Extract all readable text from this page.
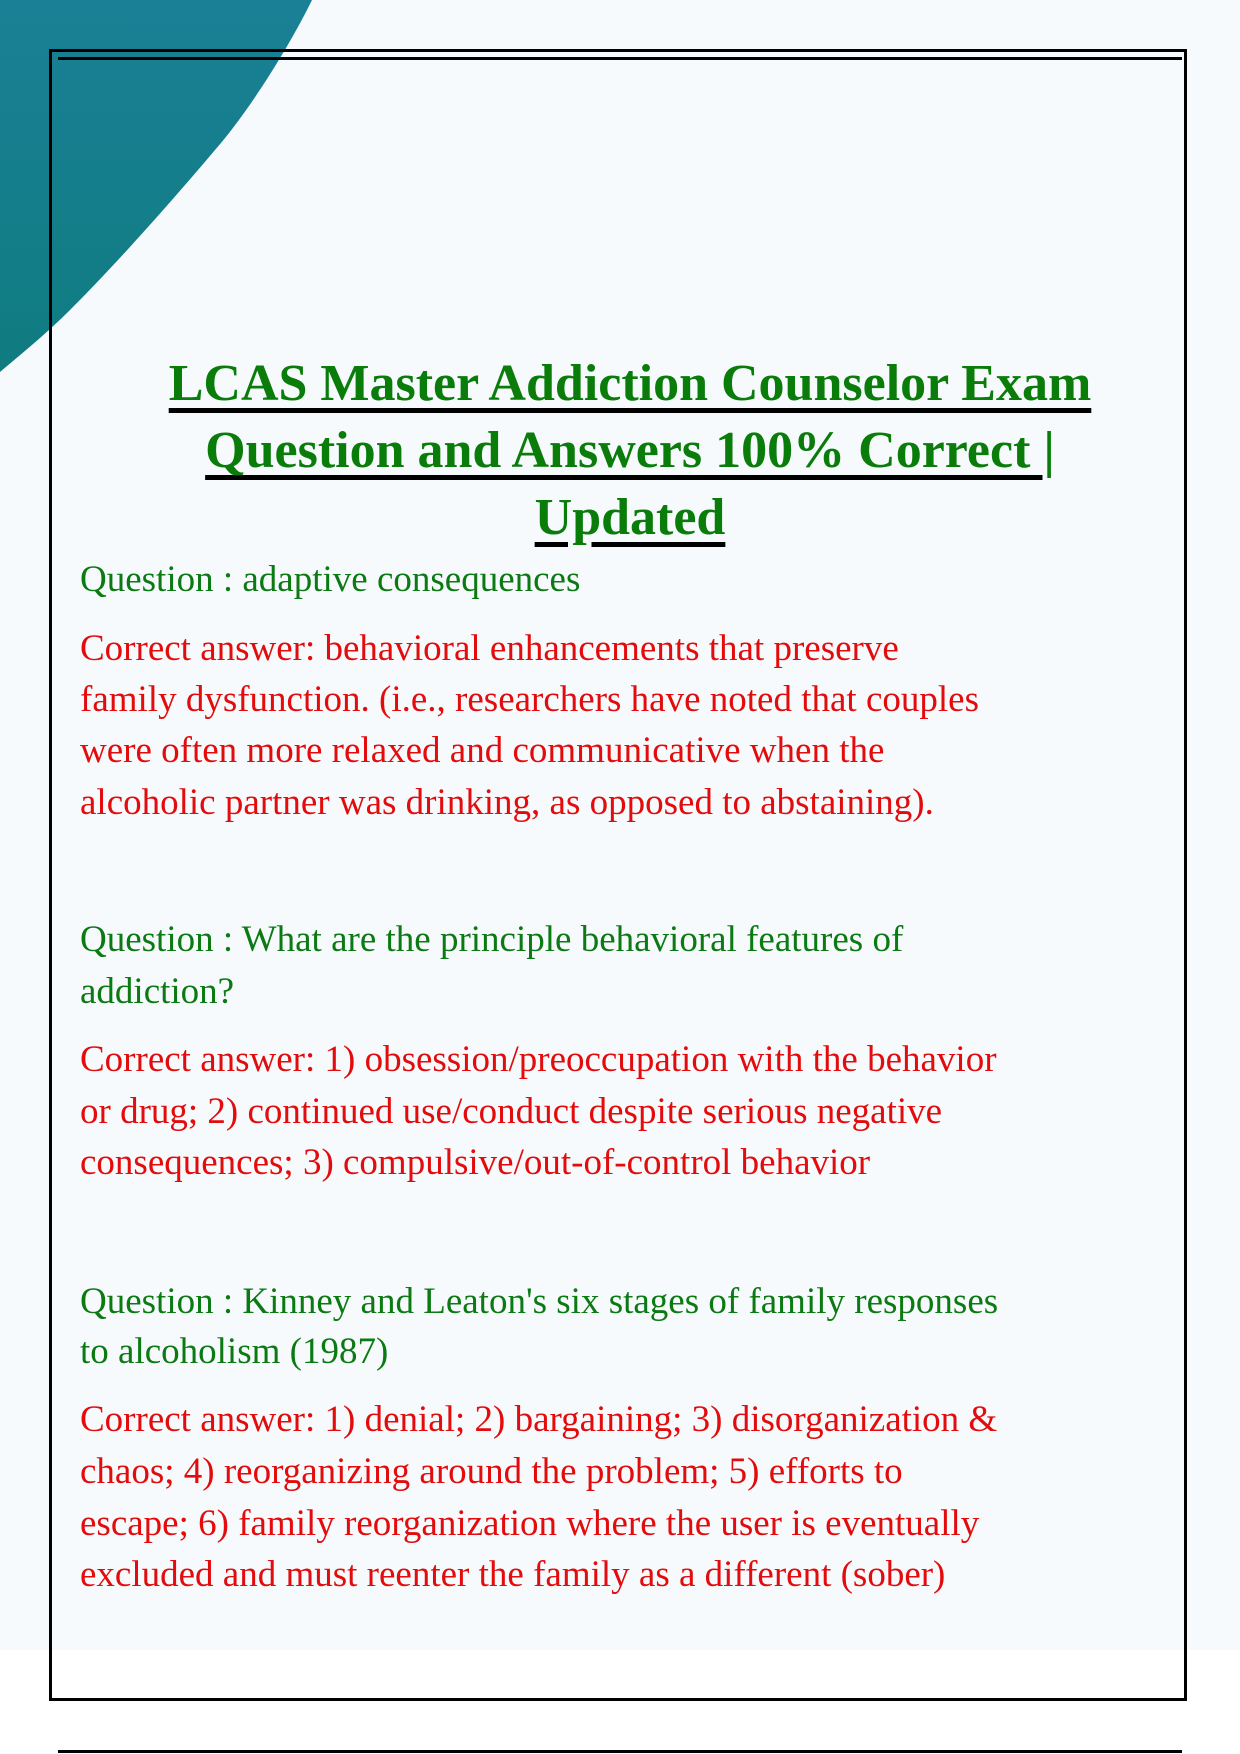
LCAS Master Addiction Counselor Exam
Question and Answers 100% Correct |
Updated
Question : adaptive consequences
Correct answer: behavioral enhancements that preserve
family dysfunction. (i.e., researchers have noted that couples
were often more relaxed and communicative when the
alcoholic partner was drinking, as opposed to abstaining).
Question : What are the principle behavioral features of
addiction?
Correct answer: 1) obsession/preoccupation with the behavior
or drug; 2) continued use/conduct despite serious negative
consequences; 3) compulsive/out-of-control behavior
Question : Kinney and Leaton's six stages of family responses
to alcoholism (1987)
Correct answer: 1) denial; 2) bargaining; 3) disorganization &
chaos; 4) reorganizing around the problem; 5) efforts to
escape; 6) family reorganization where the user is eventually
excluded and must reenter the family as a different (sober)
